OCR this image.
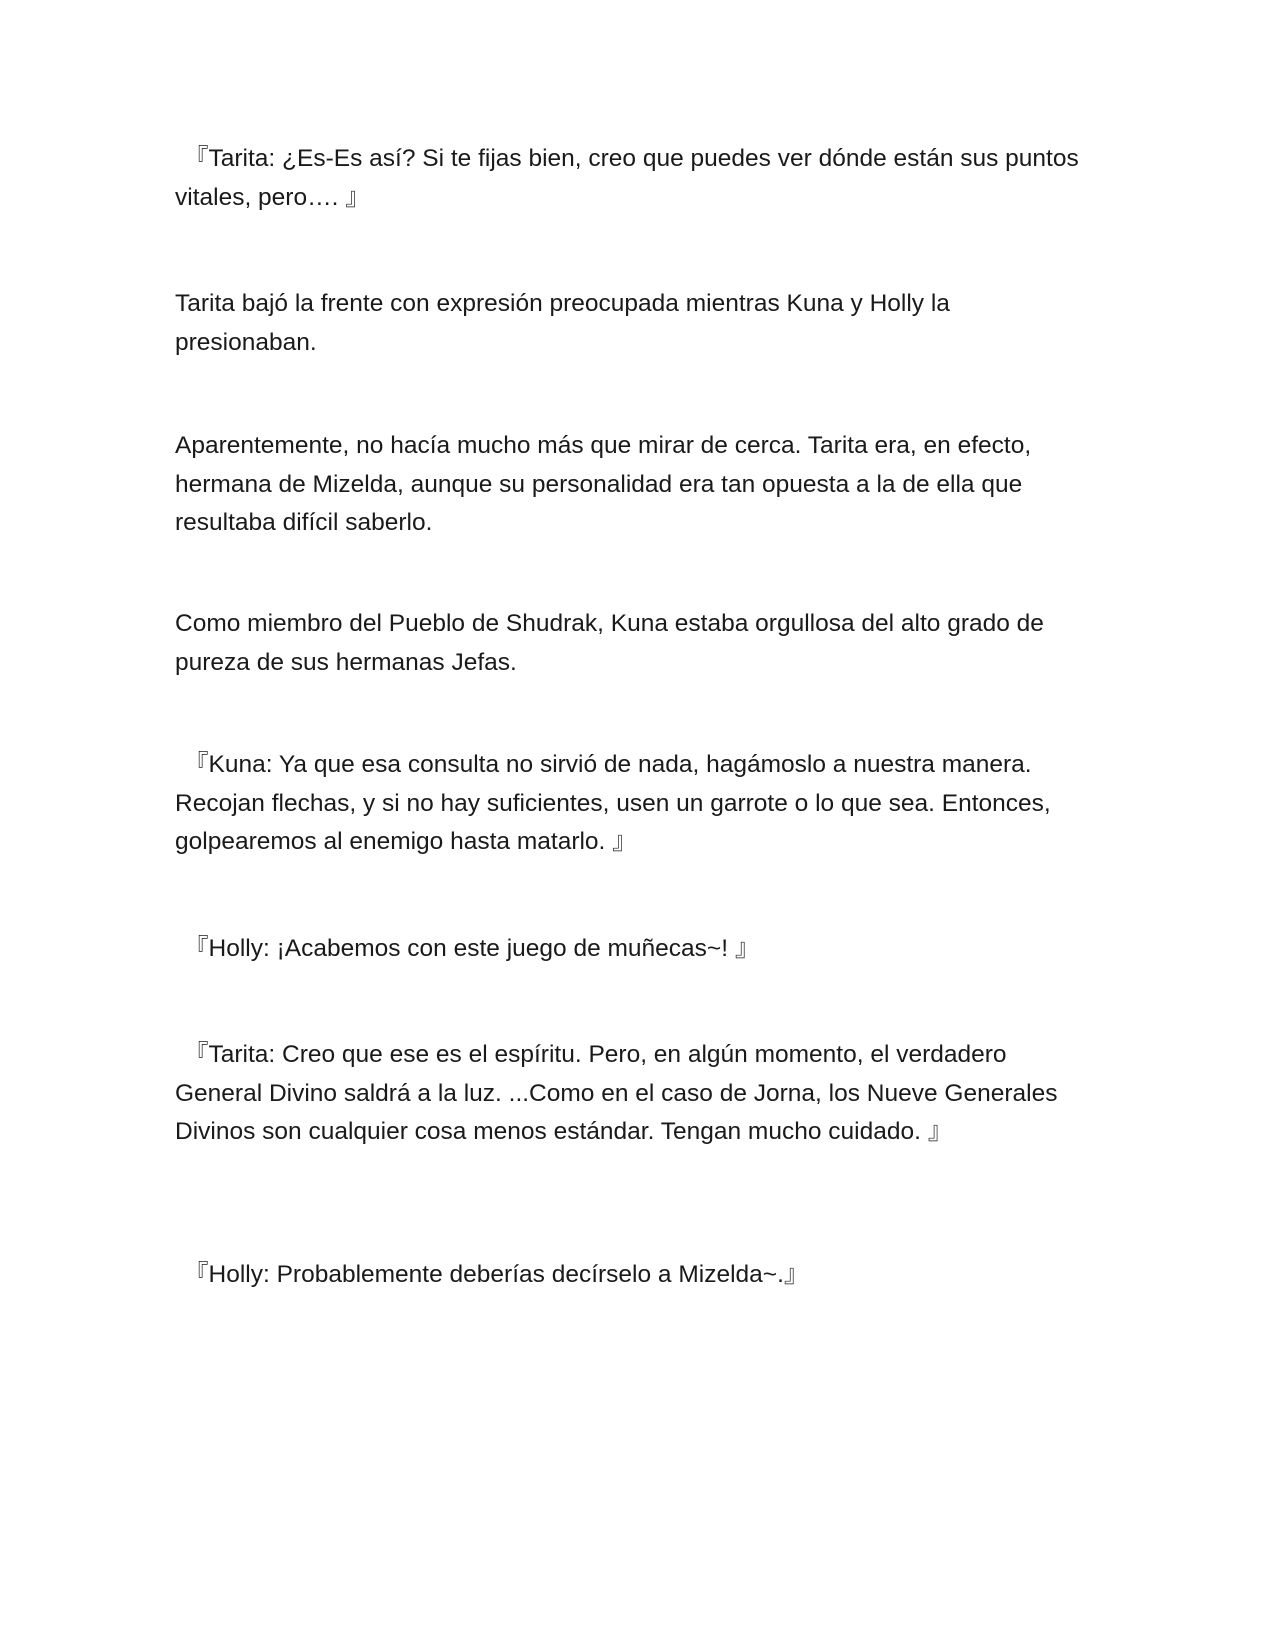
『Tarita: ¿Es-Es así? Si te fijas bien, creo que puedes ver dónde están sus puntos vitales, pero…. 』

Tarita bajó la frente con expresión preocupada mientras Kuna y Holly la presionaban.

Aparentemente, no hacía mucho más que mirar de cerca. Tarita era, en efecto, hermana de Mizelda, aunque su personalidad era tan opuesta a la de ella que resultaba difícil saberlo.

Como miembro del Pueblo de Shudrak, Kuna estaba orgullosa del alto grado de pureza de sus hermanas Jefas.

『Kuna: Ya que esa consulta no sirvió de nada, hagámoslo a nuestra manera. Recojan flechas, y si no hay suficientes, usen un garrote o lo que sea. Entonces, golpearemos al enemigo hasta matarlo. 』

『Holly: ¡Acabemos con este juego de muñecas~! 』

『Tarita: Creo que ese es el espíritu. Pero, en algún momento, el verdadero General Divino saldrá a la luz. ...Como en el caso de Jorna, los Nueve Generales Divinos son cualquier cosa menos estándar. Tengan mucho cuidado. 』

『Holly: Probablemente deberías decírselo a Mizelda~.』
